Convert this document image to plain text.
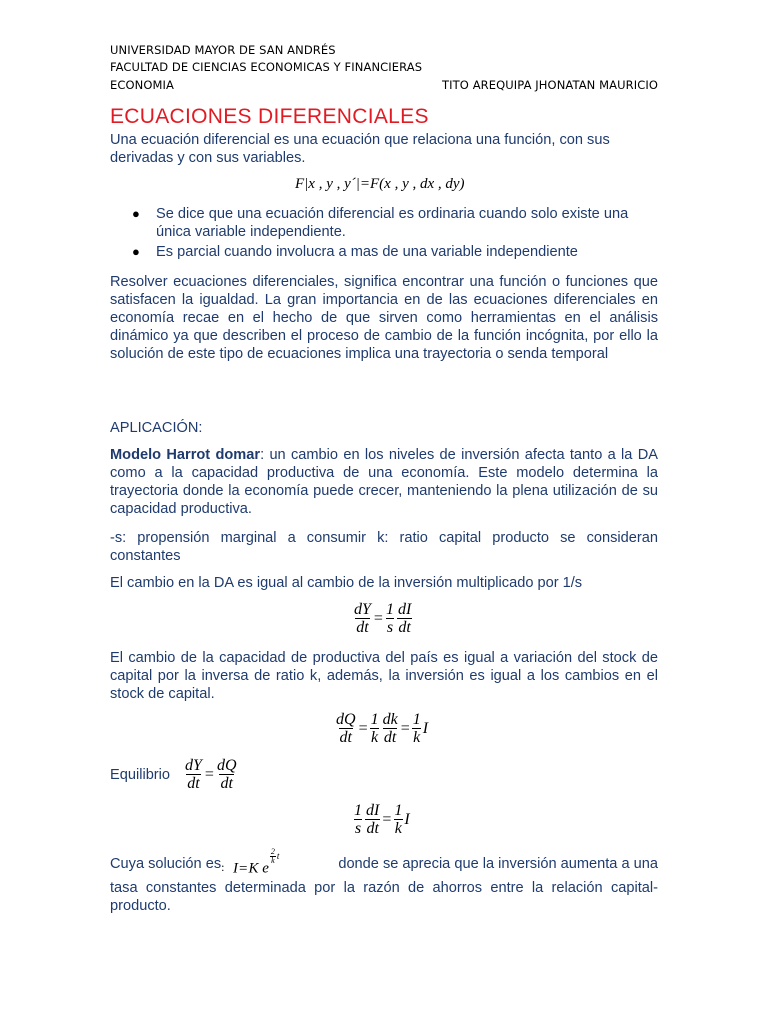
UNIVERSIDAD MAYOR DE SAN ANDRÉS
FACULTAD DE CIENCIAS ECONOMICAS Y FINANCIERAS
ECONOMIA	TITO AREQUIPA JHONATAN MAURICIO
ECUACIONES DIFERENCIALES
Una ecuación diferencial es una ecuación que relaciona una función, con sus derivadas y con sus variables.
F|x , y , y´|=F(x , y , dx , dy)
● Se dice que una ecuación diferencial es ordinaria cuando solo existe una única variable independiente.
● Es parcial cuando involucra a mas de una variable independiente
Resolver ecuaciones diferenciales, significa encontrar una función o funciones que satisfacen la igualdad. La gran importancia en de las ecuaciones diferenciales en economía recae en el hecho de que sirven como herramientas en el análisis dinámico ya que describen el proceso de cambio de la función incógnita, por ello la solución de este tipo de ecuaciones implica una trayectoria o senda temporal
APLICACIÓN:
Modelo Harrot domar: un cambio en los niveles de inversión afecta tanto a la DA como a la capacidad productiva de una economía. Este modelo determina la trayectoria donde la economía puede crecer, manteniendo la plena utilización de su capacidad productiva.
-s: propensión marginal a consumir k: ratio capital producto se consideran constantes
El cambio en la DA es igual al cambio de la inversión multiplicado por 1/s
$\frac{dY}{dt} = \frac{1}{s} \frac{dI}{dt}$
El cambio de la capacidad de productiva del país es igual a variación del stock de capital por la inversa de ratio k, además, la inversión es igual a los cambios en el stock de capital.
$\frac{dQ}{dt} = \frac{1}{k} \frac{dk}{dt} = \frac{1}{k}$ I
Equilibrio $\frac{dY}{dt} = \frac{dQ}{dt}$
$\frac{1}{s} \frac{dI}{dt} = \frac{1}{k}$ I
Cuya solución $es_:$ I=K e
$^{\frac{2}{k} t}$
donde se aprecia que la inversión aumenta a una
tasa constantes determinada por la razón de ahorros entre la relación capital-producto.
